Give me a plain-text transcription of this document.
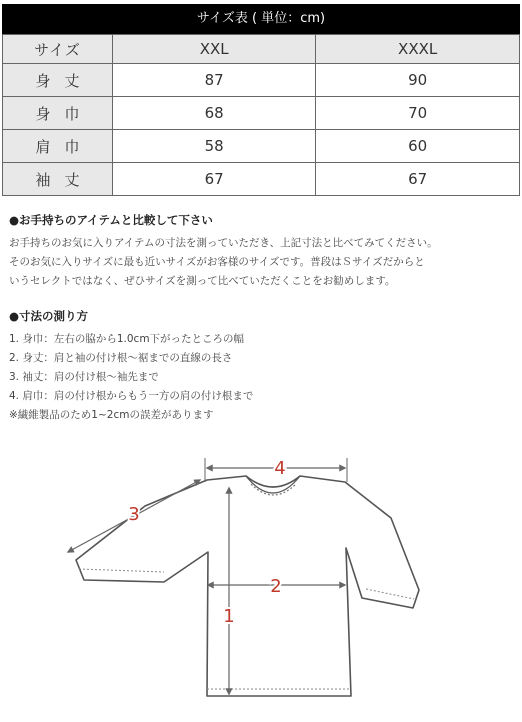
サイズ表 ( 単位：cm)
サイズ	XXL	XXXL
身丈	87	90
身巾	68	70
肩巾	58	60
袖丈	67	67
●お手持ちのアイテムと比較して下さい

お手持ちのお気に入りアイテムの寸法を測っていただき、上記寸法と比べてみてください。

そのお気に入りサイズに最も近いサイズがお客様のサイズです。普段はＳサイズだからと

いうセレクトではなく、ぜひサイズを測って比べていただくことをお勧めします。

●寸法の測り方

1. 身巾：左右の脇から1.0cm下がったところの幅

2. 身丈：肩と袖の付け根～裾までの直線の長さ

3. 袖丈：肩の付け根～袖先まで

4. 肩巾：肩の付け根からもう一方の肩の付け根まで

※繊維製品のため1~2cmの誤差があります

4
3
2
1
